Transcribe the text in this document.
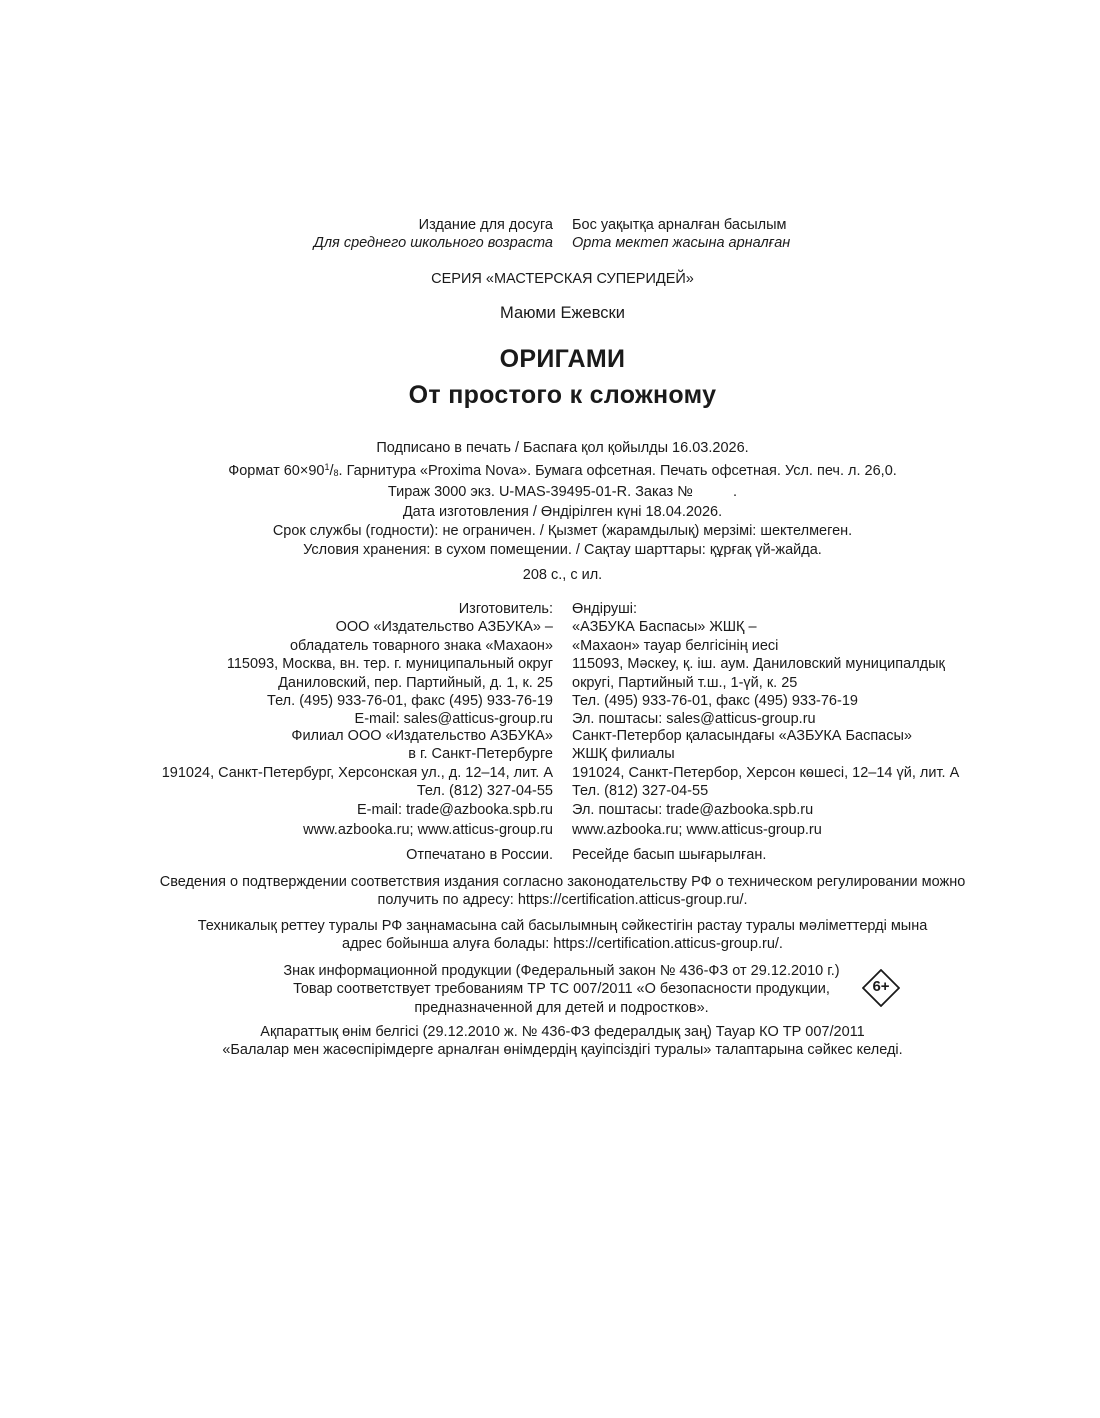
Издание для досуга
Для среднего школьного возраста
Бос уақытқа арналған басылым
Орта мектеп жасына арналған
СЕРИЯ «МАСТЕРСКАЯ СУПЕРИДЕЙ»
Маюми Ежевски
ОРИГАМИ
От простого к сложному
Подписано в печать / Баспаға қол қойылды 16.03.2026.
Формат $60\times 90^1/8$. Гарнитура «Proxima Nova». Бумага офсетная. Печать офсетная. Усл. печ. л. 26,0.
Тираж 3000 экз. U-MAS-39495-01-R. Заказ №          .
Дата изготовления / Өндірілген күні 18.04.2026.
Срок службы (годности): не ограничен. / Қызмет (жарамдылық) мерзімі: шектелмеген.
Условия хранения: в сухом помещении. / Сақтау шарттары: құрғақ үй-жайда.
208 с., с ил.
Изготовитель:
ООО «Издательство АЗБУКА» –
обладатель товарного знака «Махаон»
115093, Москва, вн. тер. г. муниципальный округ
Даниловский, пер. Партийный, д. 1, к. 25
Тел. (495) 933-76-01, факс (495) 933-76-19
E-mail: sales@atticus-group.ru
Өндіруші:
«АЗБУКА Баспасы» ЖШҚ –
«Махаон» тауар белгісінің иесі
115093, Мәскеу, қ. іш. аум. Даниловский муниципалдық
округі, Партийный т.ш., 1-үй, к. 25
Тел. (495) 933-76-01, факс (495) 933-76-19
Эл. поштасы: sales@atticus-group.ru
Филиал ООО «Издательство АЗБУКА»
в г. Санкт-Петербурге
191024, Санкт-Петербург, Херсонская ул., д. 12–14, лит. А
Тел. (812) 327-04-55
E-mail: trade@azbooka.spb.ru
Санкт-Петербор қаласындағы «АЗБУКА Баспасы»
ЖШҚ филиалы
191024, Санкт-Петербор, Херсон көшесі, 12–14 үй, лит. А
Тел. (812) 327-04-55
Эл. поштасы: trade@azbooka.spb.ru
www.azbooka.ru; www.atticus-group.ru www.azbooka.ru; www.atticus-group.ru
Отпечатано в России. Ресейде басып шығарылған.
Сведения о подтверждении соответствия издания согласно законодательству РФ о техническом регулировании можно
получить по адресу: https://certification.atticus-group.ru/.
Техникалық реттеу туралы РФ заңнамасына сай басылымның сәйкестігін растау туралы мәліметтерді мына
адрес бойынша алуға болады: https://certification.atticus-group.ru/.
Знак информационной продукции (Федеральный закон № 436-ФЗ от 29.12.2010 г.)
Товар соответствует требованиям ТР ТС 007/2011 «О безопасности продукции,
предназначенной для детей и подростков».
6+
Ақпараттық өнім белгісі (29.12.2010 ж. № 436-ФЗ федералдық заң) Тауар КО ТР 007/2011
«Балалар мен жасөспірімдерге арналған өнімдердің қауіпсіздігі туралы» талаптарына сәйкес келеді.
